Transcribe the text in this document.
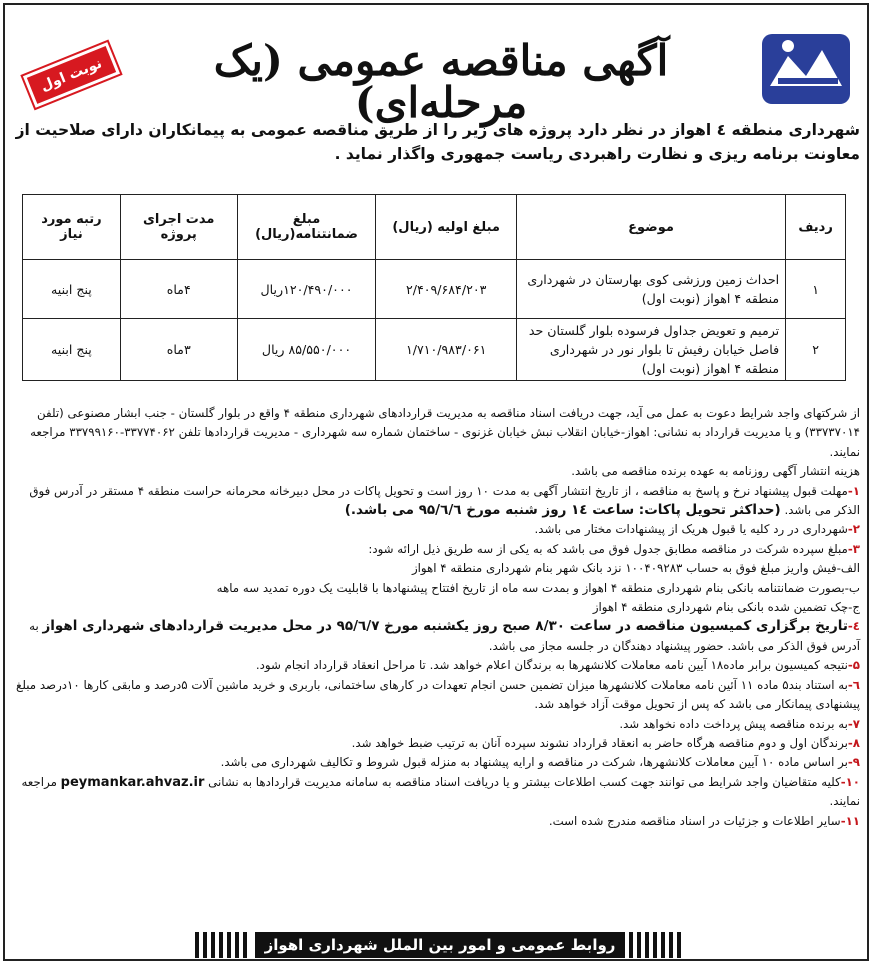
آگهی مناقصه عمومی (یک مرحله‌ای)
نوبت اول
شهرداری منطقه ٤ اهواز در نظر دارد پروژه های زیر را از طریق مناقصه عمومی به پیمانکاران دارای صلاحیت از معاونت برنامه ریزی و نظارت راهبردی ریاست جمهوری واگذار نماید .
ردیف	موضوع	مبلغ اولیه (ریال)	مبلغ ضمانتنامه(ریال)	مدت اجرای پروژه	رتبه مورد نیاز
١	احداث زمین ورزشی کوی بهارستان در شهرداری منطقه ۴ اهواز (نوبت اول)	۲/۴۰۹/۶۸۴/۲۰۳	۱۲۰/۴۹۰/۰۰۰ریال	۴ماه	پنج ابنیه
٢	ترمیم و تعویض جداول فرسوده بلوار گلستان حد فاصل خیابان رفیش تا بلوار نور در شهرداری منطقه ۴ اهواز (نوبت اول)	۱/۷۱۰/۹۸۳/۰۶۱	۸۵/۵۵۰/۰۰۰ ریال	۳ماه	پنج ابنیه

از شرکتهای واجد شرایط دعوت به عمل می آید، جهت دریافت اسناد مناقصه به مدیریت قراردادهای شهرداری منطقه ۴ واقع در بلوار گلستان - جنب ابشار مصنوعی (تلفن ۳۳۷۳۷۰۱۴) و یا مدیریت قرارداد به نشانی: اهواز-خیابان انقلاب نبش خیابان غزنوی - ساختمان شماره سه شهرداری - مدیریت قراردادها تلفن ۳۳۷۷۴۰۶۲-۳۳۷۹۹۱۶۰ مراجعه نمایند.

هزینه انتشار آگهی روزنامه به عهده برنده مناقصه می باشد.

۱-مهلت قبول پیشنهاد نرخ و پاسخ به مناقصه ، از تاریخ انتشار آگهی به مدت ۱۰ روز است و تحویل پاکات در محل دبیرخانه محرمانه حراست منطقه ۴ مستقر در آدرس فوق الذکر می باشد. (حداکثر تحویل پاکات: ساعت ١٤ روز شنبه مورخ ۹۵/٦/٦ می باشد.)

۲-شهرداری در رد کلیه یا قبول هریک از پیشنهادات مختار می باشد.

۳-مبلغ سپرده شرکت در مناقصه مطابق جدول فوق می باشد که به یکی از سه طریق ذیل ارائه شود:

الف-فیش واریز مبلغ فوق به حساب ۱۰۰۴۰۹۲۸۳ نزد بانک شهر بنام شهرداری منطقه ۴ اهواز

ب-بصورت ضمانتنامه بانکی بنام شهرداری منطقه ۴ اهواز و بمدت سه ماه از تاریخ افتتاح پیشنهادها با قابلیت یک دوره تمدید سه ماهه

ج-چک تضمین شده بانکی بنام شهرداری منطقه ۴ اهواز

٤-تاریخ برگزاری کمیسیون مناقصه در ساعت ۸/۳۰ صبح روز یکشنبه مورخ ۹۵/٦/۷ در محل مدیریت قراردادهای شهرداری اهواز به آدرس فوق الذکر می باشد. حضور پیشنهاد دهندگان در جلسه مجاز می باشد.

۵-نتیجه کمیسیون برابر ماده۱۸ آیین نامه معاملات کلانشهرها به برندگان اعلام خواهد شد. تا مراحل انعقاد قرارداد انجام شود.

٦-به استناد بند۵ ماده ۱۱ آئین نامه معاملات کلانشهرها میزان تضمین حسن انجام تعهدات در کارهای ساختمانی، باربری و خرید ماشین آلات ۵درصد و مابقی کارها ۱۰درصد مبلغ پیشنهادی پیمانکار می باشد که پس از تحویل موقت آزاد خواهد شد.

۷-به برنده مناقصه پیش پرداخت داده نخواهد شد.

۸-برندگان اول و دوم مناقصه هرگاه حاضر به انعقاد قرارداد نشوند سپرده آنان به ترتیب ضبط خواهد شد.

۹-بر اساس ماده ۱۰ آیین معاملات کلانشهرها، شرکت در مناقصه و ارایه پیشنهاد به منزله قبول شروط و تکالیف شهرداری می باشد.

۱۰-کلیه متقاضیان واجد شرایط می توانند جهت کسب اطلاعات بیشتر و یا دریافت اسناد مناقصه به سامانه مدیریت قراردادها به نشانی peymankar.ahvaz.ir مراجعه نمایند.

۱۱-سایر اطلاعات و جزئیات در اسناد مناقصه مندرج شده است.

روابط عمومی و امور بین الملل شهرداری اهواز
